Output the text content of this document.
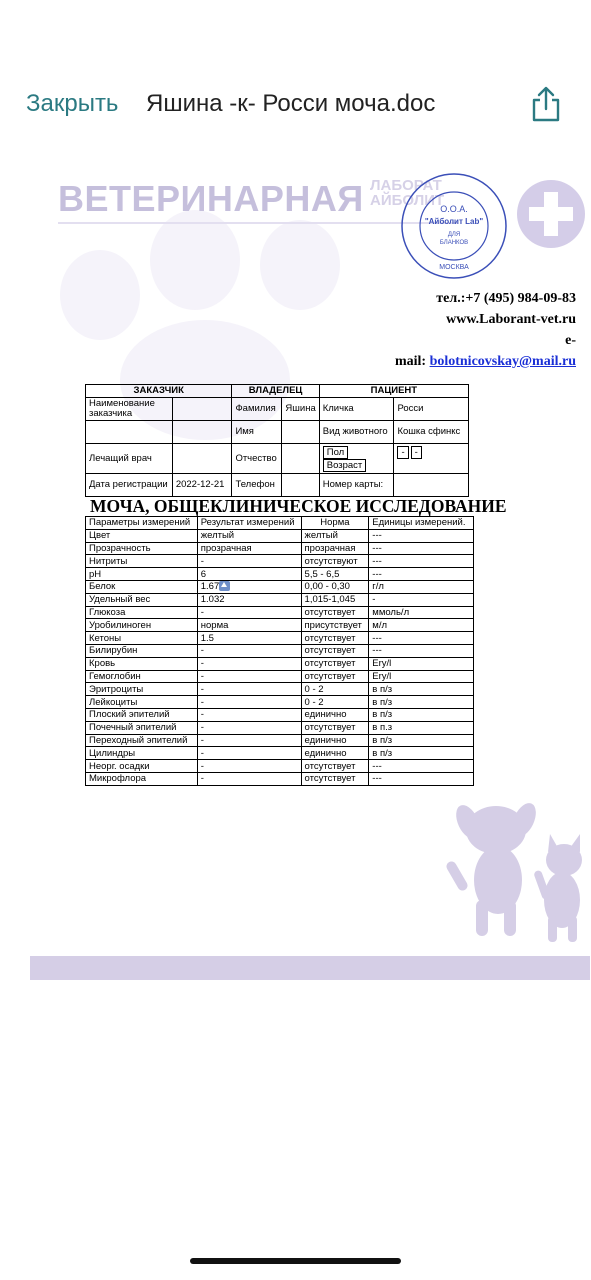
Закрыть Яшина -к- Росси моча.doc
ВЕТЕРИНАРНАЯ ЛАБОРАТ
АЙБОЛИТ
О.О.А.
"Айболит Lab"
ДЛЯ
БЛАНКОВ
МОСКВА
тел.:+7 (495) 984-09-83
www.Laborant-vet.ru
e-
mail: bolotnicovskay@mail.ru
ЗАКАЗЧИК		ВЛАДЕЛЕЦ		ПАЦИЕНТ	
Наименование заказчика		Фамилия	Яшина	Кличка	Росси
		Имя		Вид животного	Кошка сфинкс
Лечащий врач		Отчество		ПолВозраст	- -
Дата регистрации	2022-12-21	Телефон		Номер карты:	
МОЧА, ОБЩЕКЛИНИЧЕСКОЕ ИССЛЕДОВАНИЕ
Параметры измерений	Результат измерений	Норма	Единицы измерений.
Цвет	желтый	желтый	---
Прозрачность	прозрачная	прозрачная	---
Нитриты	-	отсутствуют	---
pH	6	5,5 - 6,5	---
Белок	1.67	0,00 - 0,30	г/л
Удельный вес	1.032	1,015-1,045	-
Глюкоза	-	отсутствует	ммоль/л
Уробилиноген	норма	присутствует	м/л
Кетоны	1.5	отсутствует	---
Билирубин	-	отсутствует	---
Кровь	-	отсутствует	Ery/l
Гемоглобин	-	отсутствует	Ery/l
Эритроциты	-	0 - 2	в п/з
Лейкоциты	-	0 - 2	в п/з
Плоский эпителий	-	единично	в п/з
Почечный эпителий	-	отсутствует	в п.з
Переходный эпителий	-	единично	в п/з
Цилиндры	-	единично	в п/з
Неорг. осадки	-	отсутствует	---
Микрофлора	-	отсутствует	---
